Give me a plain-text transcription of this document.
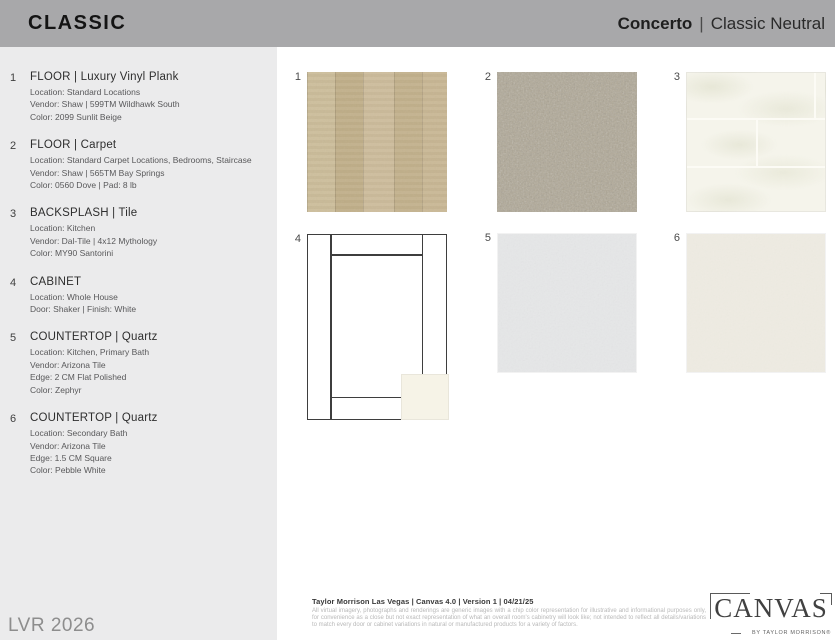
CLASSIC	Concerto | Classic Neutral
1	FLOOR | Luxury Vinyl Plank
Location: Standard Locations
Vendor: Shaw | 599TM Wildhawk South
Color: 2099 Sunlit Beige
2	FLOOR | Carpet
Location: Standard Carpet Locations, Bedrooms, Staircase
Vendor: Shaw | 565TM Bay Springs
Color: 0560 Dove | Pad: 8 lb
3	BACKSPLASH | Tile
Location: Kitchen
Vendor: Dal-Tile | 4x12 Mythology
Color: MY90 Santorini
4	CABINET
Location: Whole House
Door: Shaker | Finish: White
5	COUNTERTOP | Quartz
Location: Kitchen, Primary Bath
Vendor: Arizona Tile
Edge: 2 CM Flat Polished
Color: Zephyr
6	COUNTERTOP | Quartz
Location: Secondary Bath
Vendor: Arizona Tile
Edge: 1.5 CM Square
Color: Pebble White
LVR 2026
1	2	3
4	5	6
Taylor Morrison Las Vegas | Canvas 4.0 | Version 1 | 04/21/25
All virtual imagery, photographs and renderings are generic images with a chip color representation for illustrative and informational purposes only, for convenience as a close but not exact representation of what an overall room's cabinetry will look like; not intended to reflect all details/variations to match every door or cabinet variations in natural or manufactured products for a variety of factors.
CANVAS
BY TAYLOR MORRISON®
